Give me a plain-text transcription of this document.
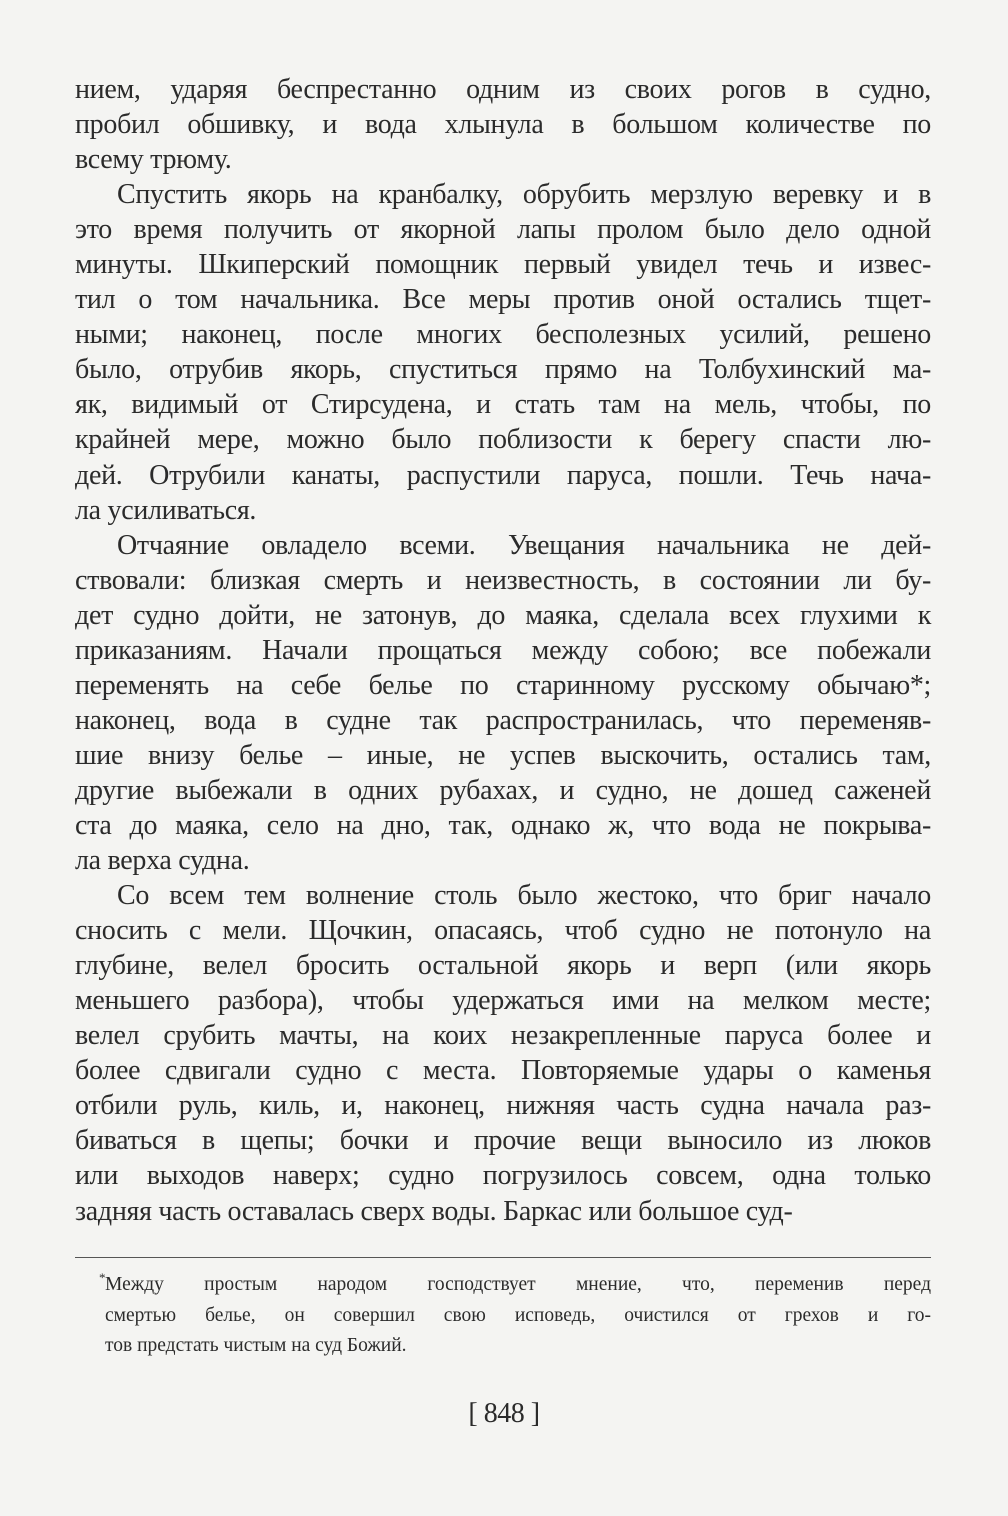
нием, ударяя беспрестанно одним из своих рогов в судно,
пробил обшивку, и вода хлынула в большом количестве по
всему трюму.
Спустить якорь на кранбалку, обрубить мерзлую веревку и в
это время получить от якорной лапы пролом было дело одной
минуты. Шкиперский помощник первый увидел течь и извес-
тил о том начальника. Все меры против оной остались тщет-
ными; наконец, после многих бесполезных усилий, решено
было, отрубив якорь, спуститься прямо на Толбухинский ма-
як, видимый от Стирсудена, и стать там на мель, чтобы, по
крайней мере, можно было поблизости к берегу спасти лю-
дей. Отрубили канаты, распустили паруса, пошли. Течь нача-
ла усиливаться.
Отчаяние овладело всеми. Увещания начальника не дей-
ствовали: близкая смерть и неизвестность, в состоянии ли бу-
дет судно дойти, не затонув, до маяка, сделала всех глухими к
приказаниям. Начали прощаться между собою; все побежали
переменять на себе белье по старинному русскому обычаю*;
наконец, вода в судне так распространилась, что переменяв-
шие внизу белье – иные, не успев выскочить, остались там,
другие выбежали в одних рубахах, и судно, не дошед саженей
ста до маяка, село на дно, так, однако ж, что вода не покрыва-
ла верха судна.
Со всем тем волнение столь было жестоко, что бриг начало
сносить с мели. Щочкин, опасаясь, чтоб судно не потонуло на
глубине, велел бросить остальной якорь и верп (или якорь
меньшего разбора), чтобы удержаться ими на мелком месте;
велел срубить мачты, на коих незакрепленные паруса более и
более сдвигали судно с места. Повторяемые удары о каменья
отбили руль, киль, и, наконец, нижняя часть судна начала раз-
биваться в щепы; бочки и прочие вещи выносило из люков
или выходов наверх; судно погрузилось совсем, одна только
задняя часть оставалась сверх воды. Баркас или большое суд-
* Между простым народом господствует мнение, что, переменив перед
смертью белье, он совершил свою исповедь, очистился от грехов и го-
тов предстать чистым на суд Божий.
[ 848 ]
